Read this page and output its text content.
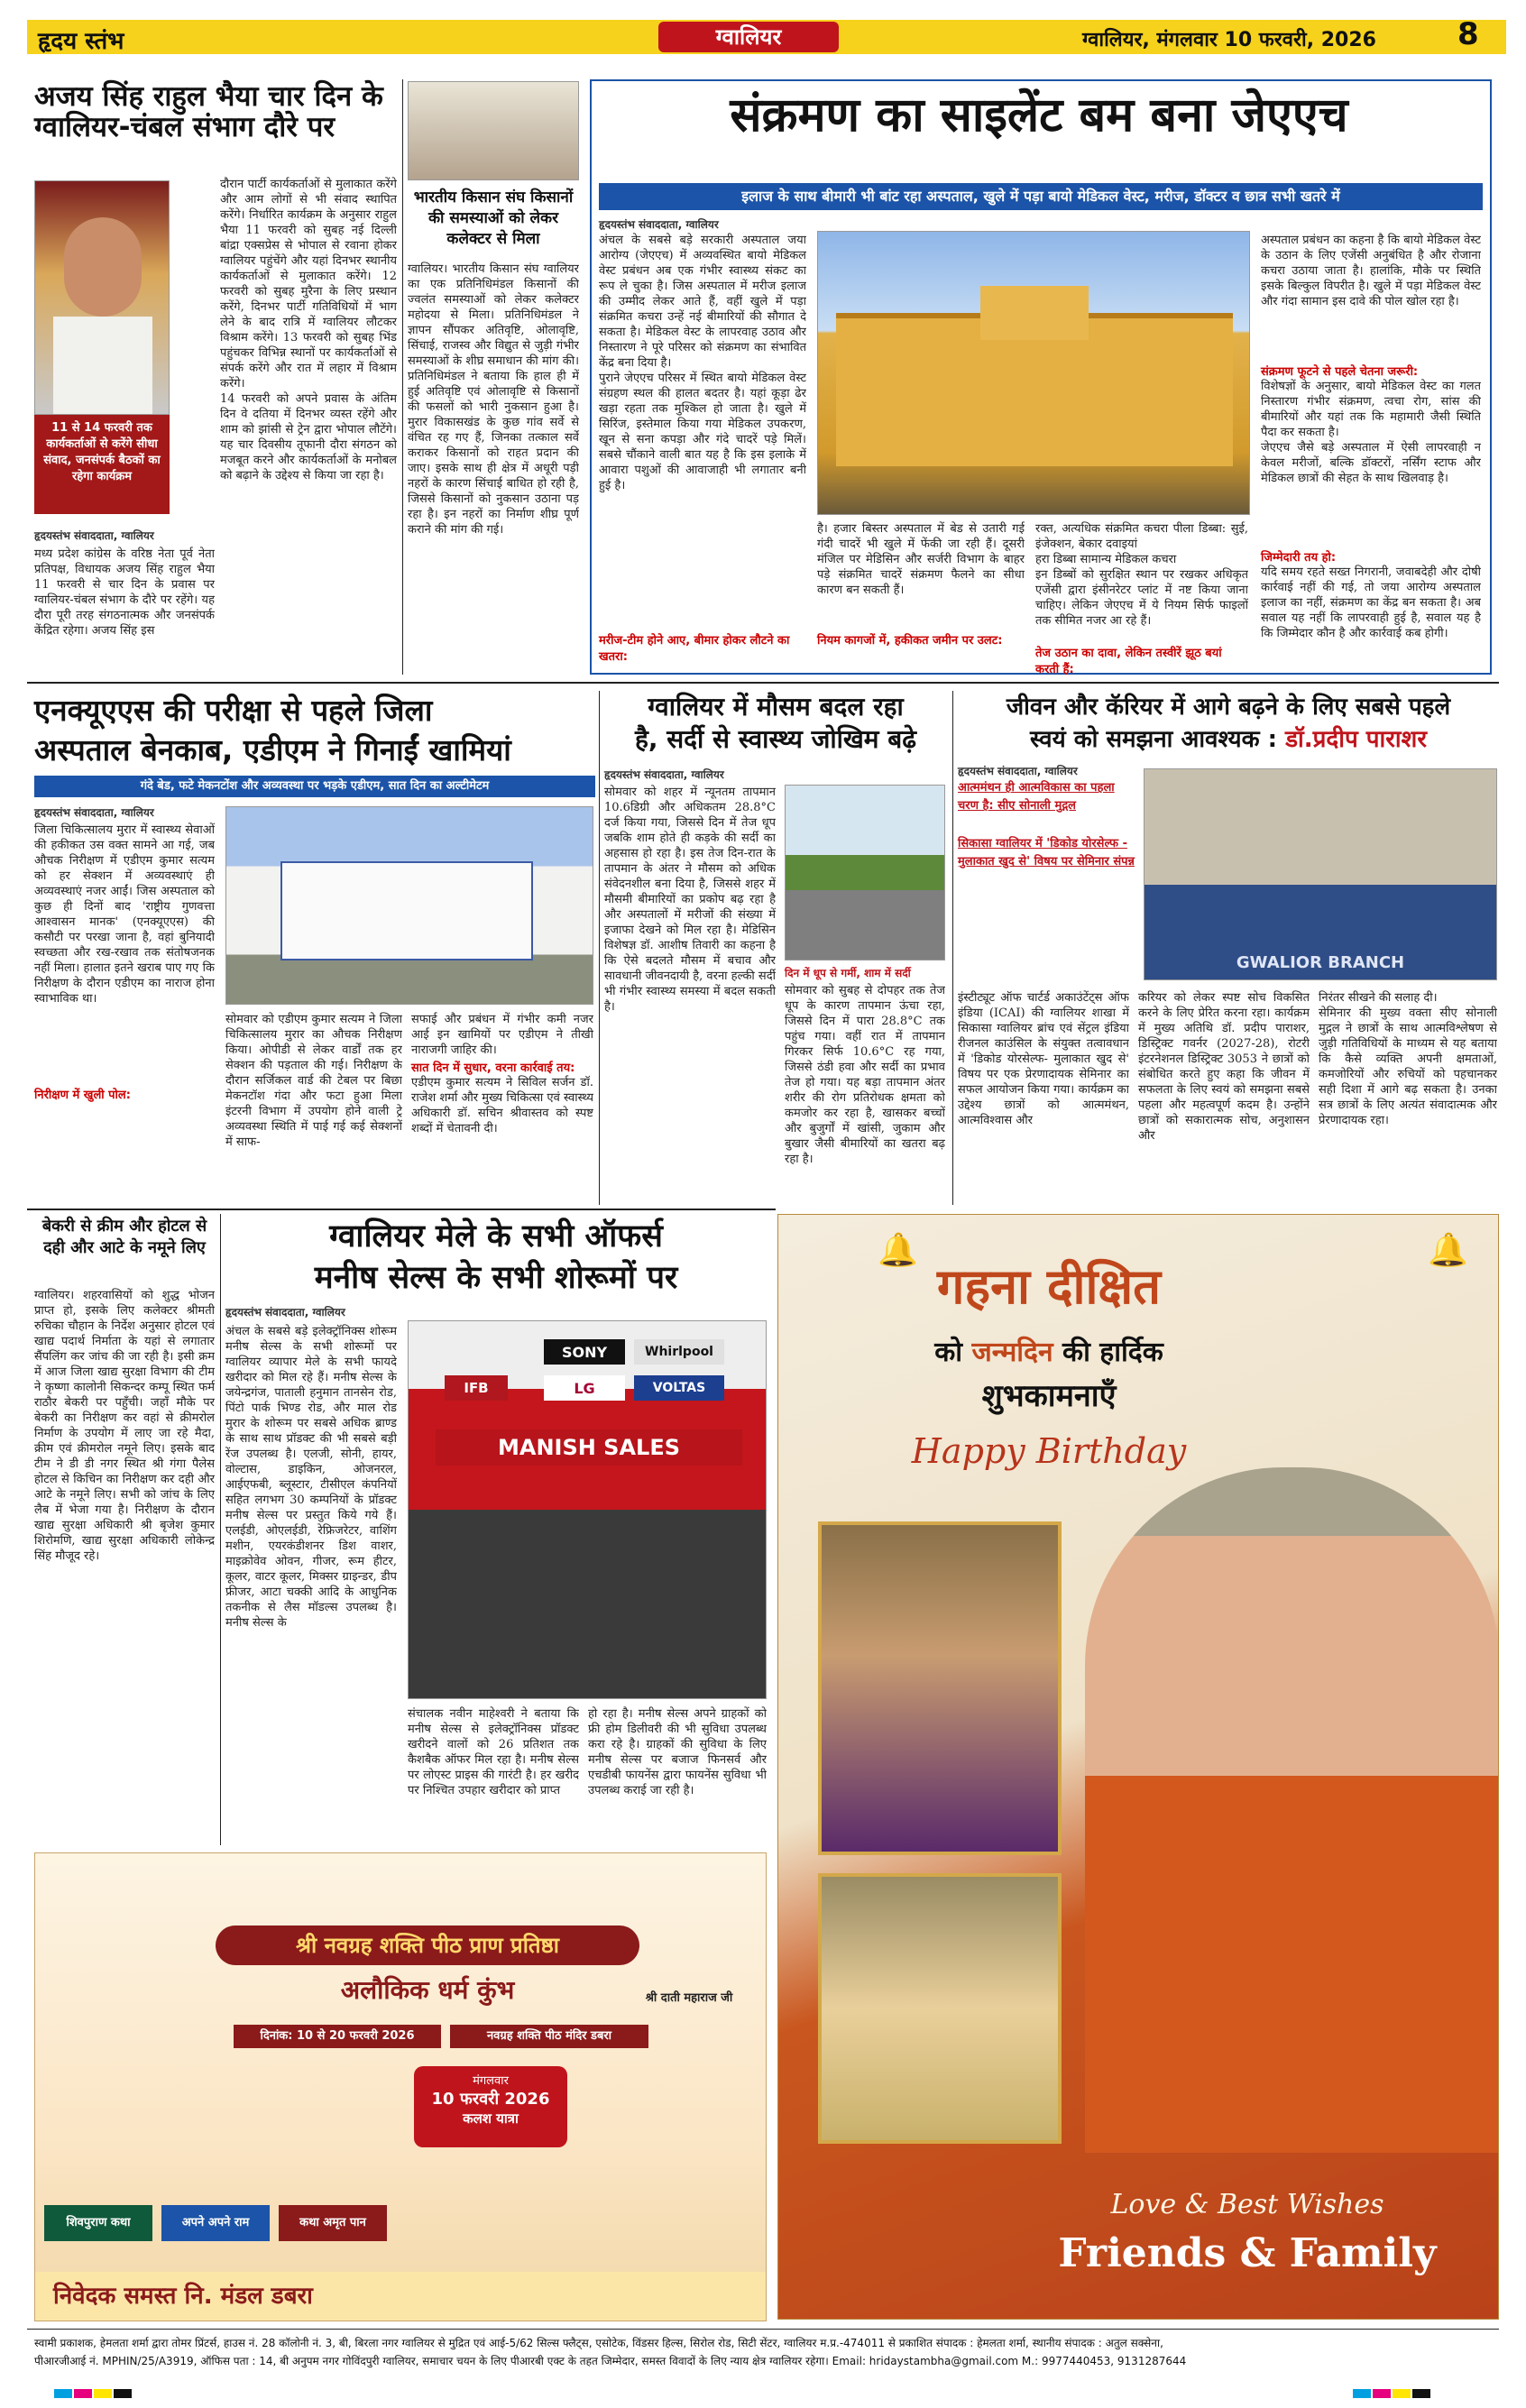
हृदय स्तंभ	ग्वालियर	ग्वालियर, मंगलवार 10 फरवरी, 2026	8
अजय सिंह राहुल भैया चार दिन के
ग्वालियर-चंबल संभाग दौरे पर
11 से 14 फरवरी तक कार्यकर्ताओं से करेंगे सीधा संवाद, जनसंपर्क बैठकों का रहेगा कार्यक्रम
हृदयस्तंभ संवाददाता, ग्वालियर
मध्य प्रदेश कांग्रेस के वरिष्ठ नेता पूर्व नेता प्रतिपक्ष, विधायक अजय सिंह राहुल भैया 11 फरवरी से चार दिन के प्रवास पर ग्वालियर-चंबल संभाग के दौरे पर रहेंगे। यह दौरा पूरी तरह संगठनात्मक और जनसंपर्क केंद्रित रहेगा। अजय सिंह इस
दौरान पार्टी कार्यकर्ताओं से मुलाकात करेंगे और आम लोगों से भी संवाद स्थापित करेंगे। निर्धारित कार्यक्रम के अनुसार राहुल भैया 11 फरवरी को सुबह नई दिल्ली बांद्रा एक्सप्रेस से भोपाल से रवाना होकर ग्वालियर पहुंचेंगे और यहां दिनभर स्थानीय कार्यकर्ताओं से मुलाकात करेंगे। 12 फरवरी को सुबह मुरैना के लिए प्रस्थान करेंगे, दिनभर पार्टी गतिविधियों में भाग लेने के बाद रात्रि में ग्वालियर लौटकर विश्राम करेंगे। 13 फरवरी को सुबह भिंड पहुंचकर विभिन्न स्थानों पर कार्यकर्ताओं से संपर्क करेंगे और रात में लहार में विश्राम करेंगे।
14 फरवरी को अपने प्रवास के अंतिम दिन वे दतिया में दिनभर व्यस्त रहेंगे और शाम को झांसी से ट्रेन द्वारा भोपाल लौटेंगे। यह चार दिवसीय तूफानी दौरा संगठन को मजबूत करने और कार्यकर्ताओं के मनोबल को बढ़ाने के उद्देश्य से किया जा रहा है।
भारतीय किसान संघ किसानों की समस्याओं को लेकर कलेक्टर से मिला
ग्वालियर। भारतीय किसान संघ ग्वालियर का एक प्रतिनिधिमंडल किसानों की ज्वलंत समस्याओं को लेकर कलेक्टर महोदया से मिला। प्रतिनिधिमंडल ने ज्ञापन सौंपकर अतिवृष्टि, ओलावृष्टि, सिंचाई, राजस्व और विद्युत से जुड़ी गंभीर समस्याओं के शीघ्र समाधान की मांग की। प्रतिनिधिमंडल ने बताया कि हाल ही में हुई अतिवृष्टि एवं ओलावृष्टि से किसानों की फसलों को भारी नुकसान हुआ है। मुरार विकासखंड के कुछ गांव सर्वे से वंचित रह गए हैं, जिनका तत्काल सर्वे कराकर किसानों को राहत प्रदान की जाए। इसके साथ ही क्षेत्र में अधूरी पड़ी नहरों के कारण सिंचाई बाधित हो रही है, जिससे किसानों को नुकसान उठाना पड़ रहा है। इन नहरों का निर्माण शीघ्र पूर्ण कराने की मांग की गई।
संक्रमण का साइलेंट बम बना जेएएच
इलाज के साथ बीमारी भी बांट रहा अस्पताल, खुले में पड़ा बायो मेडिकल वेस्ट, मरीज, डॉक्टर व छात्र सभी खतरे में
हृदयस्तंभ संवाददाता, ग्वालियर
अंचल के सबसे बड़े सरकारी अस्पताल जया आरोग्य (जेएएच) में अव्यवस्थित बायो मेडिकल वेस्ट प्रबंधन अब एक गंभीर स्वास्थ्य संकट का रूप ले चुका है। जिस अस्पताल में मरीज इलाज की उम्मीद लेकर आते हैं, वहीं खुले में पड़ा संक्रमित कचरा उन्हें नई बीमारियों की सौगात दे सकता है। मेडिकल वेस्ट के लापरवाह उठाव और निस्तारण ने पूरे परिसर को संक्रमण का संभावित केंद्र बना दिया है।
पुराने जेएएच परिसर में स्थित बायो मेडिकल वेस्ट संग्रहण स्थल की हालत बदतर है। यहां कूड़ा ढेर खड़ा रहता तक मुश्किल हो जाता है। खुले में सिरिंज, इस्तेमाल किया गया मेडिकल उपकरण, खून से सना कपड़ा और गंदे चादरें पड़े मिलें। सबसे चौंकाने वाली बात यह है कि इस इलाके में आवारा पशुओं की आवाजाही भी लगातार बनी हुई है।
मरीज-टीम होने आए, बीमार होकर लौटने का खतरा:
है। हजार बिस्तर अस्पताल में बेड से उतारी गई गंदी चादरें भी खुले में फेंकी जा रही हैं। दूसरी मंजिल पर मेडिसिन और सर्जरी विभाग के बाहर पड़े संक्रमित चादरें संक्रमण फैलने का सीधा कारण बन सकती हैं।
नियम कागजों में, हकीकत जमीन पर उलट:
रक्त, अत्यधिक संक्रमित कचरा पीला डिब्बा: सुई, इंजेक्शन, बेकार दवाइयां
हरा डिब्बा सामान्य मेडिकल कचरा
इन डिब्बों को सुरक्षित स्थान पर रखकर अधिकृत एजेंसी द्वारा इंसीनरेटर प्लांट में नष्ट किया जाना चाहिए। लेकिन जेएएच में ये नियम सिर्फ फाइलों तक सीमित नजर आ रहे हैं।
तेज उठान का दावा, लेकिन तस्वीरें झूठ बयां करती हैं:
अस्पताल प्रबंधन का कहना है कि बायो मेडिकल वेस्ट के उठान के लिए एजेंसी अनुबंधित है और रोजाना कचरा उठाया जाता है। हालांकि, मौके पर स्थिति इसके बिल्कुल विपरीत है। खुले में पड़ा मेडिकल वेस्ट और गंदा सामान इस दावे की पोल खोल रहा है।
संक्रमण फूटने से पहले चेतना जरूरी:
विशेषज्ञों के अनुसार, बायो मेडिकल वेस्ट का गलत निस्तारण गंभीर संक्रमण, त्वचा रोग, सांस की बीमारियों और यहां तक कि महामारी जैसी स्थिति पैदा कर सकता है।
जेएएच जैसे बड़े अस्पताल में ऐसी लापरवाही न केवल मरीजों, बल्कि डॉक्टरों, नर्सिंग स्टाफ और मेडिकल छात्रों की सेहत के साथ खिलवाड़ है।
जिम्मेदारी तय हो:
यदि समय रहते सख्त निगरानी, जवाबदेही और दोषी कार्रवाई नहीं की गई, तो जया आरोग्य अस्पताल इलाज का नहीं, संक्रमण का केंद्र बन सकता है। अब सवाल यह नहीं कि लापरवाही हुई है, सवाल यह है कि जिम्मेदार कौन है और कार्रवाई कब होगी।
एनक्यूएएस की परीक्षा से पहले जिला
अस्पताल बेनकाब, एडीएम ने गिनाईं खामियां
गंदे बेड, फटे मेकनटोंश और अव्यवस्था पर भड़के एडीएम, सात दिन का अल्टीमेटम
हृदयस्तंभ संवाददाता, ग्वालियर
जिला चिकित्सालय मुरार में स्वास्थ्य सेवाओं की हकीकत उस वक्त सामने आ गई, जब औचक निरीक्षण में एडीएम कुमार सत्यम को हर सेक्शन में अव्यवस्थाएं ही अव्यवस्थाएं नजर आईं। जिस अस्पताल को कुछ ही दिनों बाद 'राष्ट्रीय गुणवत्ता आश्वासन मानक' (एनक्यूएएस) की कसौटी पर परखा जाना है, वहां बुनियादी स्वच्छता और रख-रखाव तक संतोषजनक नहीं मिला। हालात इतने खराब पाए गए कि निरीक्षण के दौरान एडीएम का नाराज होना स्वाभाविक था।
निरीक्षण में खुली पोल:
सोमवार को एडीएम कुमार सत्यम ने जिला चिकित्सालय मुरार का औचक निरीक्षण किया। ओपीडी से लेकर वार्डों तक हर सेक्शन की पड़ताल की गई। निरीक्षण के दौरान सर्जिकल वार्ड की टेबल पर बिछा मेकनटॉश गंदा और फटा हुआ मिला इंटरनी विभाग में उपयोग होने वाली ट्रे अव्यवस्था स्थिति में पाई गई कई सेक्शनों में साफ-
सफाई और प्रबंधन में गंभीर कमी नजर आई इन खामियों पर एडीएम ने तीखी नाराजगी जाहिर की।
सात दिन में सुधार, वरना कार्रवाई तय:
एडीएम कुमार सत्यम ने सिविल सर्जन डॉ. राजेश शर्मा और मुख्य चिकित्सा एवं स्वास्थ्य अधिकारी डॉ. सचिन श्रीवास्तव को स्पष्ट शब्दों में चेतावनी दी।
ग्वालियर में मौसम बदल रहा
है, सर्दी से स्वास्थ्य जोखिम बढ़े
हृदयस्तंभ संवाददाता, ग्वालियर
सोमवार को शहर में न्यूनतम तापमान 10.6डिग्री और अधिकतम 28.8°C दर्ज किया गया, जिससे दिन में तेज धूप जबकि शाम होते ही कड़के की सर्दी का अहसास हो रहा है। इस तेज दिन-रात के तापमान के अंतर ने मौसम को अधिक संवेदनशील बना दिया है, जिससे शहर में मौसमी बीमारियों का प्रकोप बढ़ रहा है और अस्पतालों में मरीजों की संख्या में इजाफा देखने को मिल रहा है। मेडिसिन विशेषज्ञ डॉ. आशीष तिवारी का कहना है कि ऐसे बदलते मौसम में बचाव और सावधानी जीवनदायी है, वरना हल्की सर्दी भी गंभीर स्वास्थ्य समस्या में बदल सकती है।
दिन में धूप से गर्मी, शाम में सर्दी
सोमवार को सुबह से दोपहर तक तेज धूप के कारण तापमान ऊंचा रहा, जिससे दिन में पारा 28.8°C तक पहुंच गया। वहीं रात में तापमान गिरकर सिर्फ 10.6°C रह गया, जिससे ठंडी हवा और सर्दी का प्रभाव तेज हो गया। यह बड़ा तापमान अंतर शरीर की रोग प्रतिरोधक क्षमता को कमजोर कर रहा है, खासकर बच्चों और बुजुर्गों में खांसी, जुकाम और बुखार जैसी बीमारियों का खतरा बढ़ रहा है।
जीवन और कॅरियर में आगे बढ़ने के लिए सबसे पहले
स्वयं को समझना आवश्यक : डॉ.प्रदीप पाराशर
हृदयस्तंभ संवाददाता, ग्वालियर
आत्ममंथन ही आत्मविकास का पहला चरण है: सीए सोनाली मुद्गल
सिकासा ग्वालियर में 'डिकोड योरसेल्फ - मुलाकात खुद से' विषय पर सेमिनार संपन्न
GWALIOR BRANCH
इंस्टीट्यूट ऑफ चार्टर्ड अकाउंटेंट्स ऑफ इंडिया (ICAI) की ग्वालियर शाखा में सिकासा ग्वालियर ब्रांच एवं सेंट्रल इंडिया रीजनल काउंसिल के संयुक्त तत्वावधान में 'डिकोड योरसेल्फ- मुलाकात खुद से' विषय पर एक प्रेरणादायक सेमिनार का सफल आयोजन किया गया। कार्यक्रम का उद्देश्य छात्रों को आत्ममंथन, आत्मविश्वास और
करियर को लेकर स्पष्ट सोच विकसित करने के लिए प्रेरित करना रहा। कार्यक्रम में मुख्य अतिथि डॉ. प्रदीप पाराशर, डिस्ट्रिक्ट गवर्नर (2027-28), रोटरी इंटरनेशनल डिस्ट्रिक्ट 3053 ने छात्रों को संबोधित करते हुए कहा कि जीवन में सफलता के लिए स्वयं को समझना सबसे पहला और महत्वपूर्ण कदम है। उन्होंने छात्रों को सकारात्मक सोच, अनुशासन और
निरंतर सीखने की सलाह दी।
सेमिनार की मुख्य वक्ता सीए सोनाली मुद्गल ने छात्रों के साथ आत्मविश्लेषण से जुड़ी गतिविधियों के माध्यम से यह बताया कि कैसे व्यक्ति अपनी क्षमताओं, कमजोरियों और रुचियों को पहचानकर सही दिशा में आगे बढ़ सकता है। उनका सत्र छात्रों के लिए अत्यंत संवादात्मक और प्रेरणादायक रहा।
बेकरी से क्रीम और होटल से दही और आटे के नमूने लिए
ग्वालियर। शहरवासियों को शुद्ध भोजन प्राप्त हो, इसके लिए कलेक्टर श्रीमती रुचिका चौहान के निर्देश अनुसार होटल एवं खाद्य पदार्थ निर्माता के यहां से लगातार सैंपलिंग कर जांच की जा रही है। इसी क्रम में आज जिला खाद्य सुरक्षा विभाग की टीम ने कृष्णा कालोनी सिकन्दर कम्पू स्थित फर्म राठौर बेकरी पर पहुँची। जहाँ मौके पर बेकरी का निरीक्षण कर वहां से क्रीमरोल निर्माण के उपयोग में लाए जा रहे मैदा, क्रीम एवं क्रीमरोल नमूने लिए। इसके बाद टीम ने डी डी नगर स्थित श्री गंगा पैलेस होटल से किचिन का निरीक्षण कर दही और आटे के नमूने लिए। सभी को जांच के लिए लैब में भेजा गया है। निरीक्षण के दौरान खाद्य सुरक्षा अधिकारी श्री बृजेश कुमार शिरोमणि, खाद्य सुरक्षा अधिकारी लोकेन्द्र सिंह मौजूद रहे।
ग्वालियर मेले के सभी ऑफर्स
मनीष सेल्स के सभी शोरूमों पर
हृदयस्तंभ संवाददाता, ग्वालियर
अंचल के सबसे बड़े इलेक्ट्रॉनिक्स शोरूम मनीष सेल्स के सभी शोरूमों पर ग्वालियर व्यापार मेले के सभी फायदे खरीदार को मिल रहे हैं। मनीष सेल्स के जयेन्द्रगंज, पाताली हनुमान तानसेन रोड, पिंटो पार्क भिण्ड रोड, और माल रोड मुरार के शोरूम पर सबसे अधिक ब्राण्ड के साथ साथ प्रॉडक्ट की भी सबसे बड़ी रेंज उपलब्ध है। एलजी, सोनी, हायर, वोल्टास, डाइकिन, ओजनरल, आईएफबी, ब्लूस्टार, टीसीएल कंपनियों सहित लगभग 30 कम्पनियों के प्रॉडक्ट मनीष सेल्स पर प्रस्तुत किये गये हैं। एलईडी, ओएलईडी, रेफ्रिजरेटर, वाशिंग मशीन, एयरकंडीशनर डिश वाशर, माइक्रोवेव ओवन, गीजर, रूम हीटर, कूलर, वाटर कूलर, मिक्सर ग्राइन्डर, डीप फ्रीजर, आटा चक्की आदि के आधुनिक तकनीक से लैस मॉडल्स उपलब्ध है। मनीष सेल्स के
SONY	Whirlpool
IFB	LG	VOLTAS
MANISH SALES
संचालक नवीन माहेश्वरी ने बताया कि मनीष सेल्स से इलेक्ट्रॉनिक्स प्रॉडक्ट खरीदने वालों को 26 प्रतिशत तक कैशबैक ऑफर मिल रहा है। मनीष सेल्स पर लोएस्ट प्राइस की गारंटी है। हर खरीद पर निश्चित उपहार खरीदार को प्राप्त
हो रहा है। मनीष सेल्स अपने ग्राहकों को फ्री होम डिलीवरी की भी सुविधा उपलब्ध करा रहे है। ग्राहकों की सुविधा के लिए मनीष सेल्स पर बजाज फिनसर्व और एचडीबी फायनेंस द्वारा फायनेंस सुविधा भी उपलब्ध कराई जा रही है।
गहना दीक्षित
को जन्मदिन की हार्दिक
शुभकामनाएँ
Happy Birthday
Love & Best Wishes
Friends & Family
🔔	🔔
श्री नवग्रह शक्ति पीठ प्राण प्रतिष्ठा
अलौकिक धर्म कुंभ
दिनांक: 10 से 20 फरवरी 2026	नवग्रह शक्ति पीठ मंदिर डबरा
श्री दाती महाराज जी
मंगलवार
10 फरवरी 2026
कलश यात्रा
शिवपुराण कथा	अपने अपने राम	कथा अमृत पान
निवेदक समस्त नि. मंडल डबरा
स्वामी प्रकाशक, हेमलता शर्मा द्वारा तोमर प्रिंटर्स, हाउस नं. 28 कॉलोनी नं. 3, बी, बिरला नगर ग्वालियर से मुद्रित एवं आई-5/62 सिल्स फ्लैट्स, एसोटेक, विंडसर हिल्स, सिरोल रोड, सिटी सेंटर, ग्वालियर म.प्र.-474011 से प्रकाशित संपादक : हेमलता शर्मा, स्थानीय संपादक : अतुल सक्सेना,
पीआरजीआई नं. MPHIN/25/A3919, ऑफिस पता : 14, बी अनुपम नगर गोविंदपुरी ग्वालियर, समाचार चयन के लिए पीआरबी एक्ट के तहत जिम्मेदार, समस्त विवादों के लिए न्याय क्षेत्र ग्वालियर रहेगा। Email: hridaystambha@gmail.com M.: 9977440453, 9131287644
